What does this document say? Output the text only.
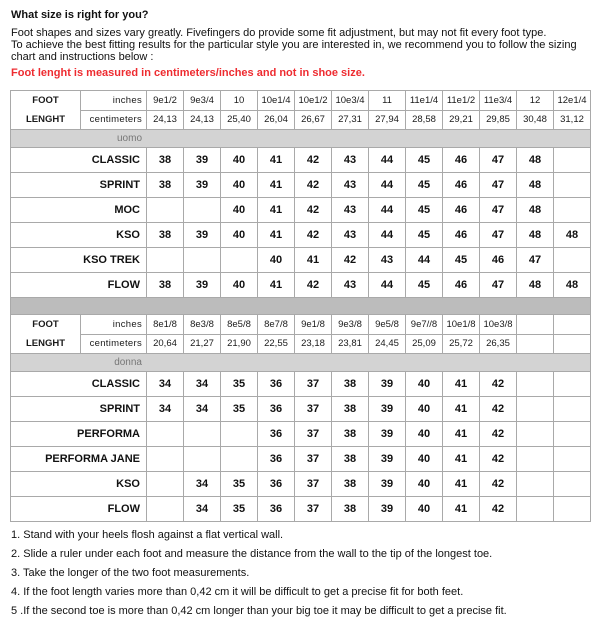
What size is right for you?
Foot shapes and sizes vary greatly. Fivefingers do provide some fit adjustment, but may not fit every foot type.
To achieve the best fitting results for the particular style you are interested in, we recommend you to follow the sizing
chart and instructions below :
Foot lenght is measured in centimeters/inches and not in shoe size.
FOOT
LENGHT	inches	9e1/2	9e3/4	10	10e1/4	10e1/2	10e3/4	11	11e1/4	11e1/2	11e3/4	12	12e1/4
	centimeters	24,13	24,13	25,40	26,04	26,67	27,31	27,94	28,58	29,21	29,85	30,48	31,12
uomo													
CLASSIC		38	39	40	41	42	43	44	45	46	47	48	
SPRINT		38	39	40	41	42	43	44	45	46	47	48	
MOC				40	41	42	43	44	45	46	47	48	
KSO		38	39	40	41	42	43	44	45	46	47	48	48
KSO TREK					40	41	42	43	44	45	46	47	
FLOW		38	39	40	41	42	43	44	45	46	47	48	48

FOOT
LENGHT	inches	8e1/8	8e3/8	8e5/8	8e7/8	9e1/8	9e3/8	9e5/8	9e7//8	10e1/8	10e3/8		
	centimeters	20,64	21,27	21,90	22,55	23,18	23,81	24,45	25,09	25,72	26,35		
donna													
CLASSIC		34	34	35	36	37	38	39	40	41	42		
SPRINT		34	34	35	36	37	38	39	40	41	42		
PERFORMA					36	37	38	39	40	41	42		
PERFORMA JANE					36	37	38	39	40	41	42		
KSO			34	35	36	37	38	39	40	41	42		
FLOW			34	35	36	37	38	39	40	41	42		
1. Stand with your heels flosh against a flat vertical wall.
2. Slide a ruler under each foot and measure the distance from the wall to the tip of the longest toe.
3. Take the longer of the two foot measurements.
4. If the foot length varies more than 0,42 cm it will be difficult to get a precise fit for both feet.
5 .If the second toe is more than 0,42 cm longer than your big toe it may be difficult to get a precise fit.
